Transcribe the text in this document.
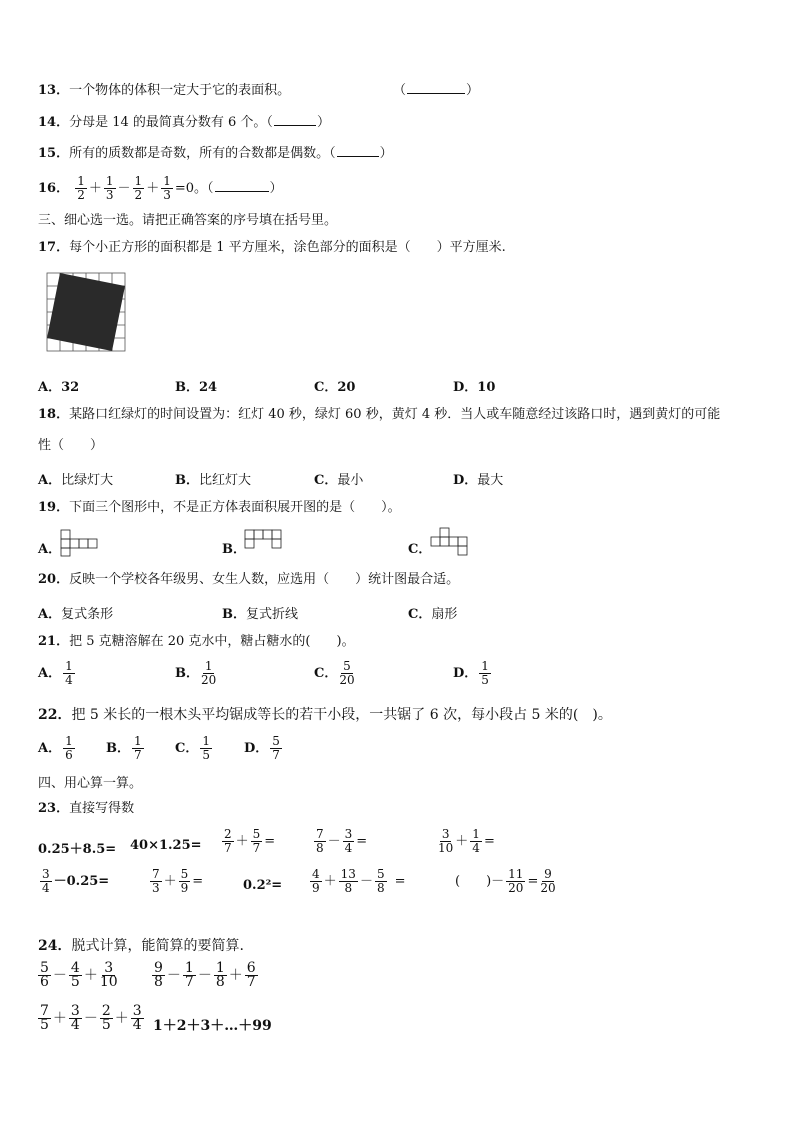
13．一个物体的体积一定大于它的表面积。	（	）
14．分母是 14 的最简真分数有 6 个。（	）
15．所有的质数都是奇数，所有的合数都是偶数。（	）
16． $\frac{1}{2} + \frac{1}{3} - \frac{1}{2} + \frac{1}{3} =0$。（	）
三、细心选一选。请把正确答案的序号填在括号里。
17．每个小正方形的面积都是 1 平方厘米，涂色部分的面积是（　　）平方厘米.
A．32	B．24	C．20	D．10
18．某路口红绿灯的时间设置为：红灯 40 秒，绿灯 60 秒，黄灯 4 秒．当人或车随意经过该路口时，遇到黄灯的可能
性（　　）
A．比绿灯大	B．比红灯大	C．最小	D．最大
19．下面三个图形中，不是正方体表面积展开图的是（　　）。
A．	B．	C．
20．反映一个学校各年级男、女生人数，应选用（　　）统计图最合适。
A．复式条形	B．复式折线	C．扇形
21．把 5 克糖溶解在 20 克水中，糖占糖水的(　　)。
A． $\frac{1}{4}$	B． $\frac{1}{20}$	C． $\frac{5}{20}$	D． $\frac{1}{5}$
22．把 5 米长的一根木头平均锯成等长的若干小段，一共锯了 6 次，每小段占 5 米的(　)。
A． $\frac{1}{6}$ B． $\frac{1}{7}$ C． $\frac{1}{5}$ D． $\frac{5}{7}$
四、用心算一算。
23．直接写得数
$0.25+8.5= 40\times 1.25= \frac{2}{7} + \frac{5}{7}$ =	$\frac{7}{8} - \frac{3}{4}$ =	$\frac{3}{10} + \frac{1}{4}$ =
$\frac{3}{4} -0.25=$	$\frac{7}{3} + \frac{5}{9}$ =	$0.2^2= \frac{4}{9} + \frac{13}{8} - \frac{5}{8}$ =	(　　)－ $\frac{11}{20} = \frac{9}{20}$
24．脱式计算，能简算的要简算.
$\frac{5}{6} - \frac{4}{5} + \frac{3}{10} \frac{9}{8} - \frac{1}{7} - \frac{1}{8} + \frac{6}{7}$
$\frac{7}{5} + \frac{3}{4} - \frac{2}{5} + \frac{3}{4}$ 1＋2＋3＋…＋99
